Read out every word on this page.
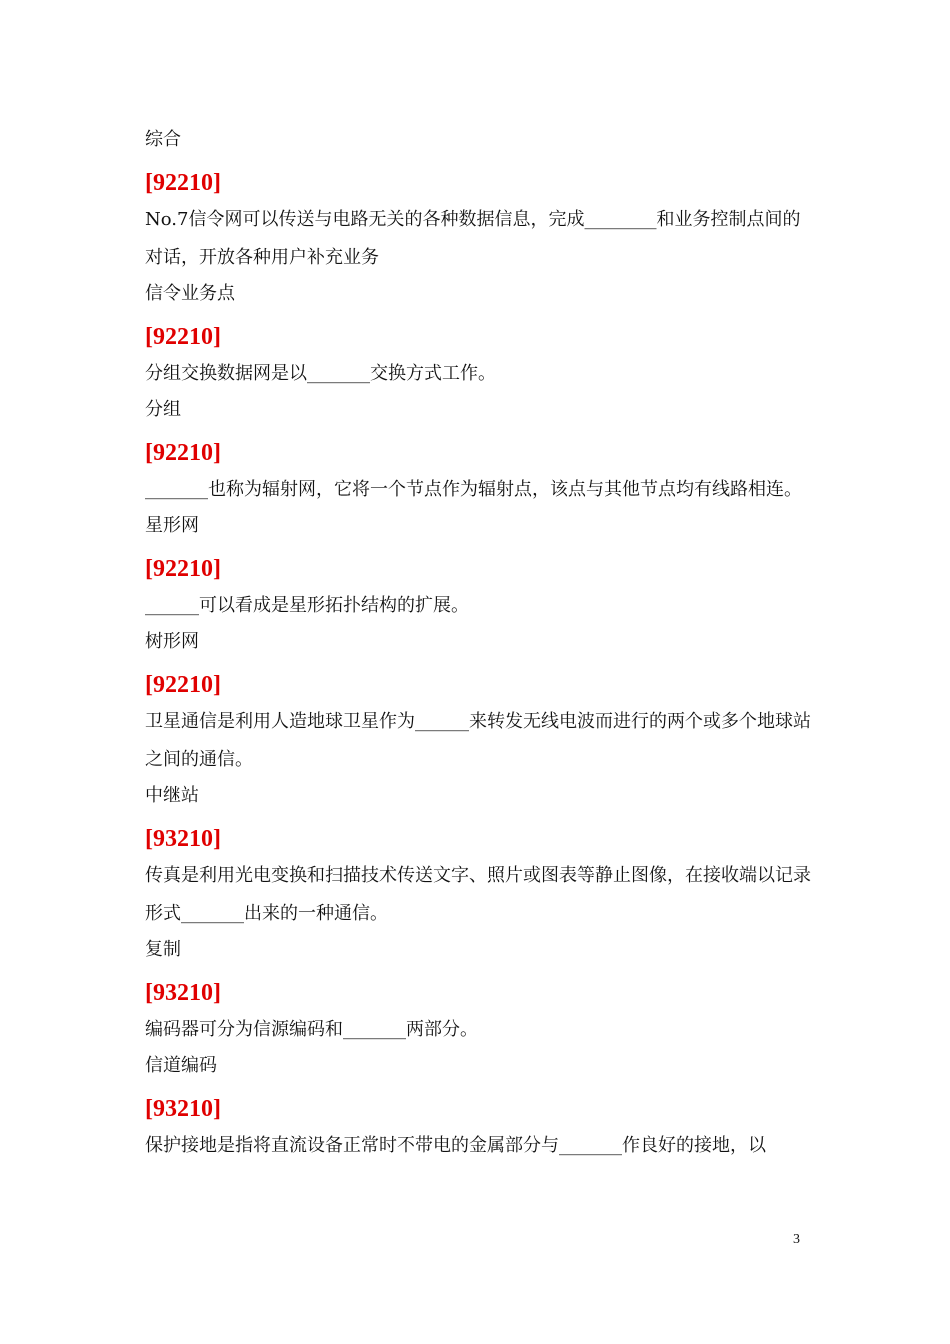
综合

[92210]

No.7信令网可以传送与电路无关的各种数据信息，完成________和业务控制点间的对话，开放各种用户补充业务

信令业务点

[92210]

分组交换数据网是以_______交换方式工作。

分组

[92210]

_______也称为辐射网，它将一个节点作为辐射点，该点与其他节点均有线路相连。

星形网

[92210]

______可以看成是星形拓扑结构的扩展。

树形网

[92210]

卫星通信是利用人造地球卫星作为______来转发无线电波而进行的两个或多个地球站之间的通信。

中继站

[93210]

传真是利用光电变换和扫描技术传送文字、照片或图表等静止图像，在接收端以记录形式_______出来的一种通信。

复制

[93210]

编码器可分为信源编码和_______两部分。

信道编码

[93210]

保护接地是指将直流设备正常时不带电的金属部分与_______作良好的接地，以

3
